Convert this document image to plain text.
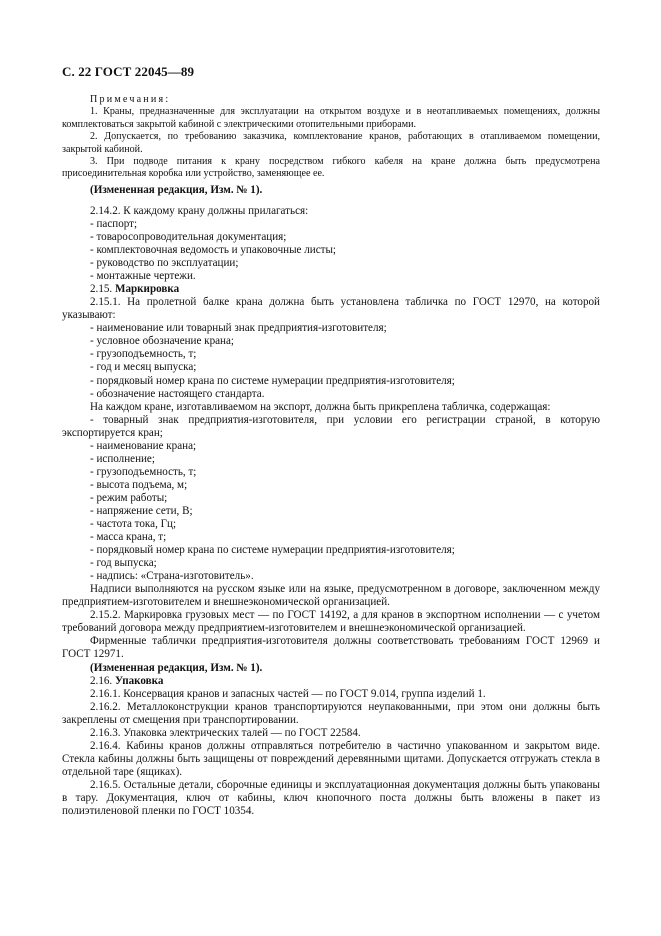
С. 22 ГОСТ 22045—89
Примечания:

1. Краны, предназначенные для эксплуатации на открытом воздухе и в неотапливаемых помещениях, должны комплектоваться закрытой кабиной с электрическими отопительными приборами.

2. Допускается, по требованию заказчика, комплектование кранов, работающих в отапливаемом помещении, закрытой кабиной.

3. При подводе питания к крану посредством гибкого кабеля на кране должна быть предусмотрена присоединительная коробка или устройство, заменяющее ее.

(Измененная редакция, Изм. № 1).

2.14.2. К каждому крану должны прилагаться:

- паспорт;

- товаросопроводительная документация;

- комплектовочная ведомость и упаковочные листы;

- руководство по эксплуатации;

- монтажные чертежи.

2.15. Маркировка

2.15.1. На пролетной балке крана должна быть установлена табличка по ГОСТ 12970, на которой указывают:

- наименование или товарный знак предприятия-изготовителя;

- условное обозначение крана;

- грузоподъемность, т;

- год и месяц выпуска;

- порядковый номер крана по системе нумерации предприятия-изготовителя;

- обозначение настоящего стандарта.

На каждом кране, изготавливаемом на экспорт, должна быть прикреплена табличка, содержащая:

- товарный знак предприятия-изготовителя, при условии его регистрации страной, в которую экспортируется кран;

- наименование крана;

- исполнение;

- грузоподъемность, т;

- высота подъема, м;

- режим работы;

- напряжение сети, В;

- частота тока, Гц;

- масса крана, т;

- порядковый номер крана по системе нумерации предприятия-изготовителя;

- год выпуска;

- надпись: «Страна-изготовитель».

Надписи выполняются на русском языке или на языке, предусмотренном в договоре, заключенном между предприятием-изготовителем и внешнеэкономической организацией.

2.15.2. Маркировка грузовых мест — по ГОСТ 14192, а для кранов в экспортном исполнении — с учетом требований договора между предприятием-изготовителем и внешнеэкономической организацией.

Фирменные таблички предприятия-изготовителя должны соответствовать требованиям ГОСТ 12969 и ГОСТ 12971.

(Измененная редакция, Изм. № 1).

2.16. Упаковка

2.16.1. Консервация кранов и запасных частей — по ГОСТ 9.014, группа изделий 1.

2.16.2. Металлоконструкции кранов транспортируются неупакованными, при этом они должны быть закреплены от смещения при транспортировании.

2.16.3. Упаковка электрических талей — по ГОСТ 22584.

2.16.4. Кабины кранов должны отправляться потребителю в частично упакованном и закрытом виде. Стекла кабины должны быть защищены от повреждений деревянными щитами. Допускается отгружать стекла в отдельной таре (ящиках).

2.16.5. Остальные детали, сборочные единицы и эксплуатационная документация должны быть упакованы в тару. Документация, ключ от кабины, ключ кнопочного поста должны быть вложены в пакет из полиэтиленовой пленки по ГОСТ 10354.
